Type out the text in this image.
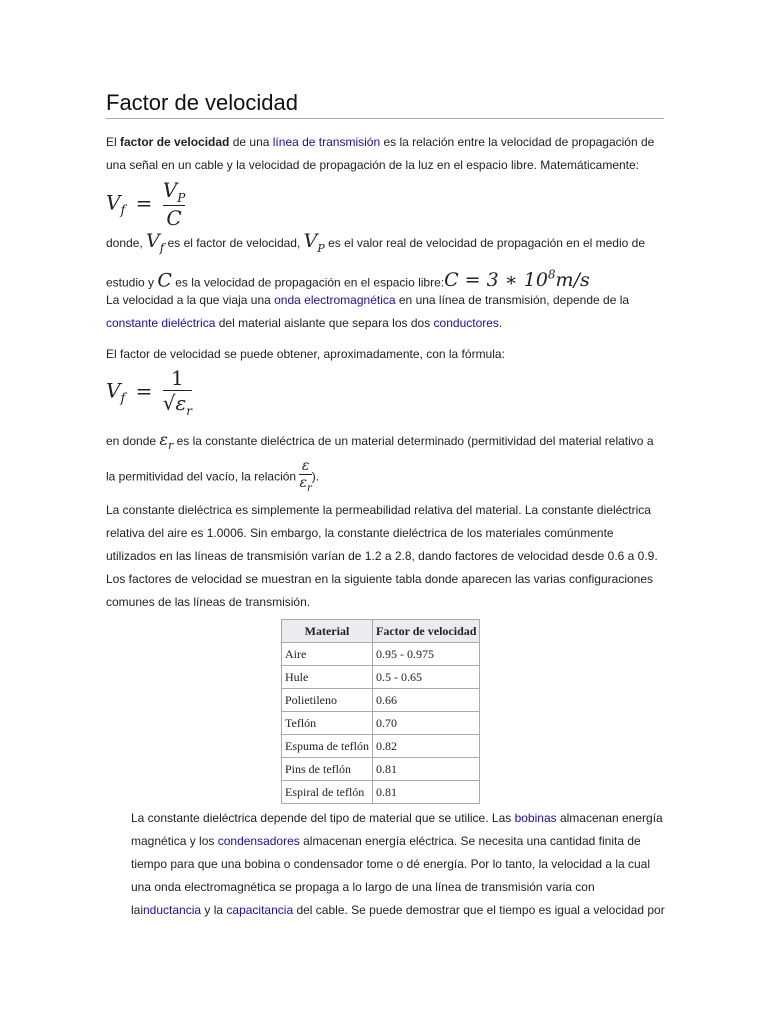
Factor de velocidad

El factor de velocidad de una línea de transmisión es la relación entre la velocidad de propagación de una señal en un cable y la velocidad de propagación de la luz en el espacio libre. Matemáticamente:

$V_f = \frac{V_P}{C}$
donde, $V_f$ es el factor de velocidad, $V_P$ es el valor real de velocidad de propagación en el medio de estudio y C es la velocidad de propagación en el espacio libre:C = 3 ∗ $10^8m/s$

La velocidad a la que viaja una onda electromagnética en una línea de transmisión, depende de la constante dieléctrica del material aislante que separa los dos conductores.

El factor de velocidad se puede obtener, aproximadamente, con la fórmula:

$V_f = \frac{1}{√\varepsilon_r}$
en donde $\varepsilon_r$ es la constante dieléctrica de un material determinado (permitividad del material relativo a la permitividad del vacío, la relación $\frac{\varepsilon}{\varepsilon_r}$ ).

La constante dieléctrica es simplemente la permeabilidad relativa del material. La constante dieléctrica relativa del aire es 1.0006. Sin embargo, la constante dieléctrica de los materiales comúnmente utilizados en las líneas de transmisión varían de 1.2 a 2.8, dando factores de velocidad desde 0.6 a 0.9. Los factores de velocidad se muestran en la siguiente tabla donde aparecen las varias configuraciones comunes de las líneas de transmisión.

Material	Factor de velocidad
Aire	0.95 - 0.975
Hule	0.5 - 0.65
Polietileno	0.66
Teflón	0.70
Espuma de teflón	0.82
Pins de teflón	0.81
Espiral de teflón	0.81

La constante dieléctrica depende del tipo de material que se utilice. Las bobinas almacenan energía magnética y los condensadores almacenan energía eléctrica. Se necesita una cantidad finita de tiempo para que una bobina o condensador tome o dé energía. Por lo tanto, la velocidad a la cual una onda electromagnética se propaga a lo largo de una línea de transmisión varia con lainductancia y la capacitancia del cable. Se puede demostrar que el tiempo es igual a velocidad por
